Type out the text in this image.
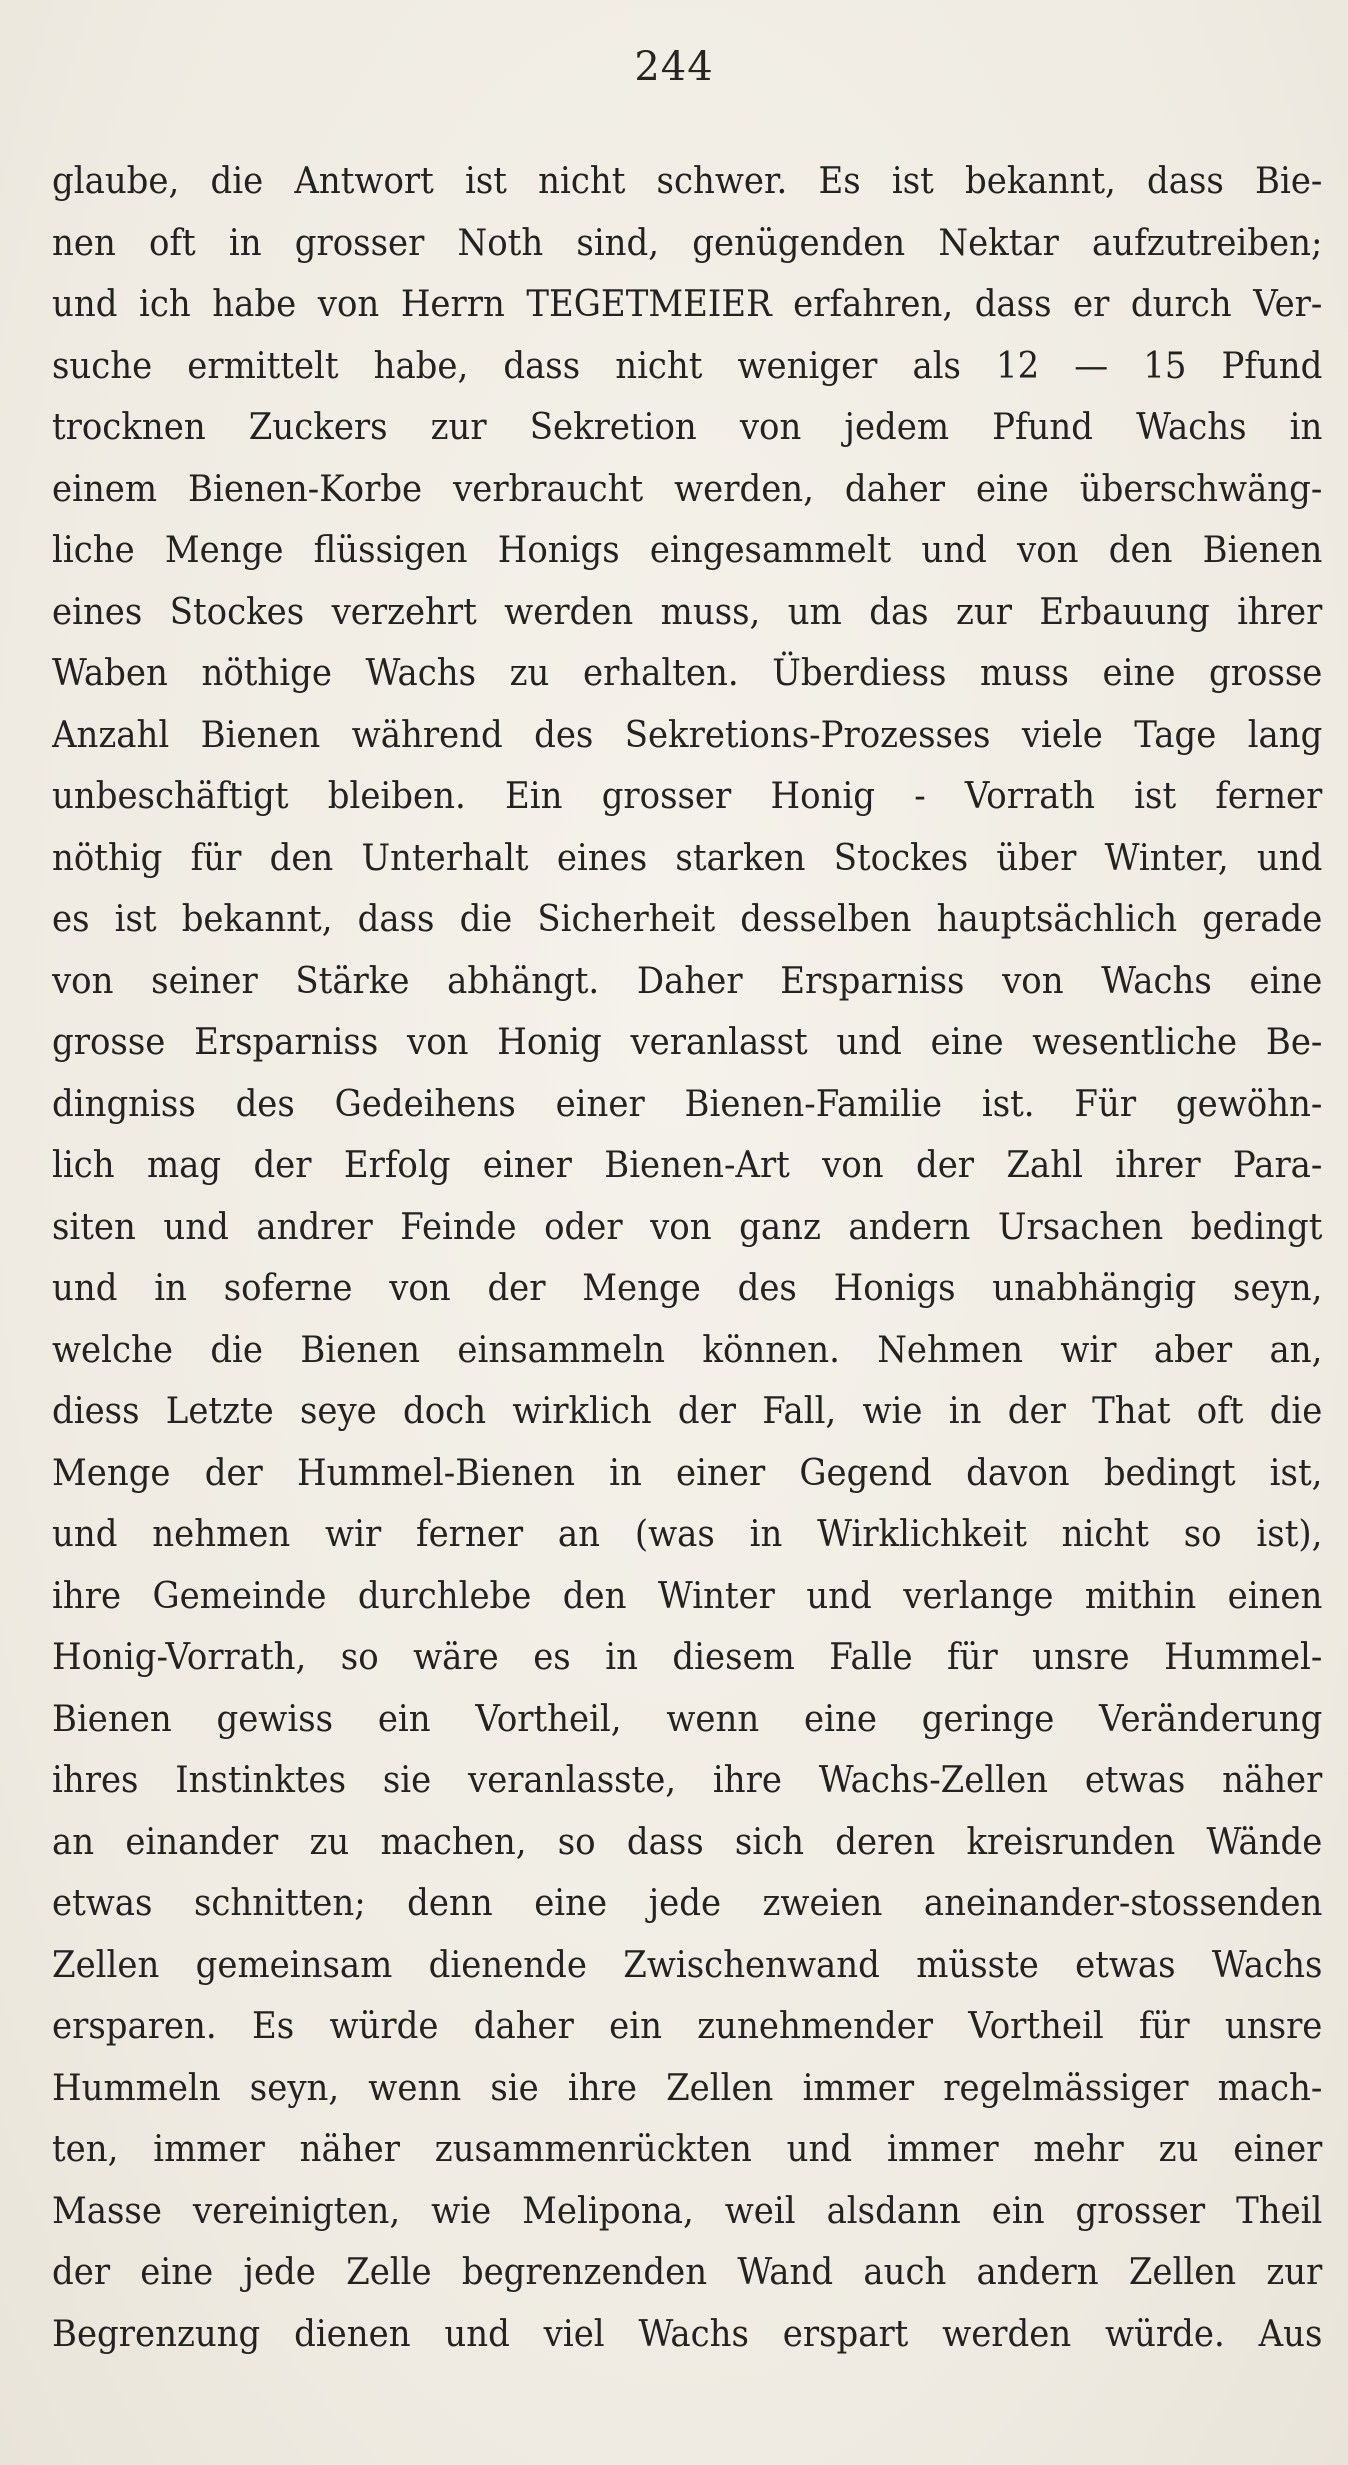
244
glaube, die Antwort ist nicht schwer. Es ist bekannt, dass Bie-
nen oft in grosser Noth sind, genügenden Nektar aufzutreiben;
und ich habe von Herrn TEGETMEIER erfahren, dass er durch Ver-
suche ermittelt habe, dass nicht weniger als 12 — 15 Pfund
trocknen Zuckers zur Sekretion von jedem Pfund Wachs in
einem Bienen-Korbe verbraucht werden, daher eine überschwäng-
liche Menge flüssigen Honigs eingesammelt und von den Bienen
eines Stockes verzehrt werden muss, um das zur Erbauung ihrer
Waben nöthige Wachs zu erhalten. Überdiess muss eine grosse
Anzahl Bienen während des Sekretions-Prozesses viele Tage lang
unbeschäftigt bleiben. Ein grosser Honig - Vorrath ist ferner
nöthig für den Unterhalt eines starken Stockes über Winter, und
es ist bekannt, dass die Sicherheit desselben hauptsächlich gerade
von seiner Stärke abhängt. Daher Ersparniss von Wachs eine
grosse Ersparniss von Honig veranlasst und eine wesentliche Be-
dingniss des Gedeihens einer Bienen-Familie ist. Für gewöhn-
lich mag der Erfolg einer Bienen-Art von der Zahl ihrer Para-
siten und andrer Feinde oder von ganz andern Ursachen bedingt
und in soferne von der Menge des Honigs unabhängig seyn,
welche die Bienen einsammeln können. Nehmen wir aber an,
diess Letzte seye doch wirklich der Fall, wie in der That oft die
Menge der Hummel-Bienen in einer Gegend davon bedingt ist,
und nehmen wir ferner an (was in Wirklichkeit nicht so ist),
ihre Gemeinde durchlebe den Winter und verlange mithin einen
Honig-Vorrath, so wäre es in diesem Falle für unsre Hummel-
Bienen gewiss ein Vortheil, wenn eine geringe Veränderung
ihres Instinktes sie veranlasste, ihre Wachs-Zellen etwas näher
an einander zu machen, so dass sich deren kreisrunden Wände
etwas schnitten; denn eine jede zweien aneinander-stossenden
Zellen gemeinsam dienende Zwischenwand müsste etwas Wachs
ersparen. Es würde daher ein zunehmender Vortheil für unsre
Hummeln seyn, wenn sie ihre Zellen immer regelmässiger mach-
ten, immer näher zusammenrückten und immer mehr zu einer
Masse vereinigten, wie Melipona, weil alsdann ein grosser Theil
der eine jede Zelle begrenzenden Wand auch andern Zellen zur
Begrenzung dienen und viel Wachs erspart werden würde. Aus
